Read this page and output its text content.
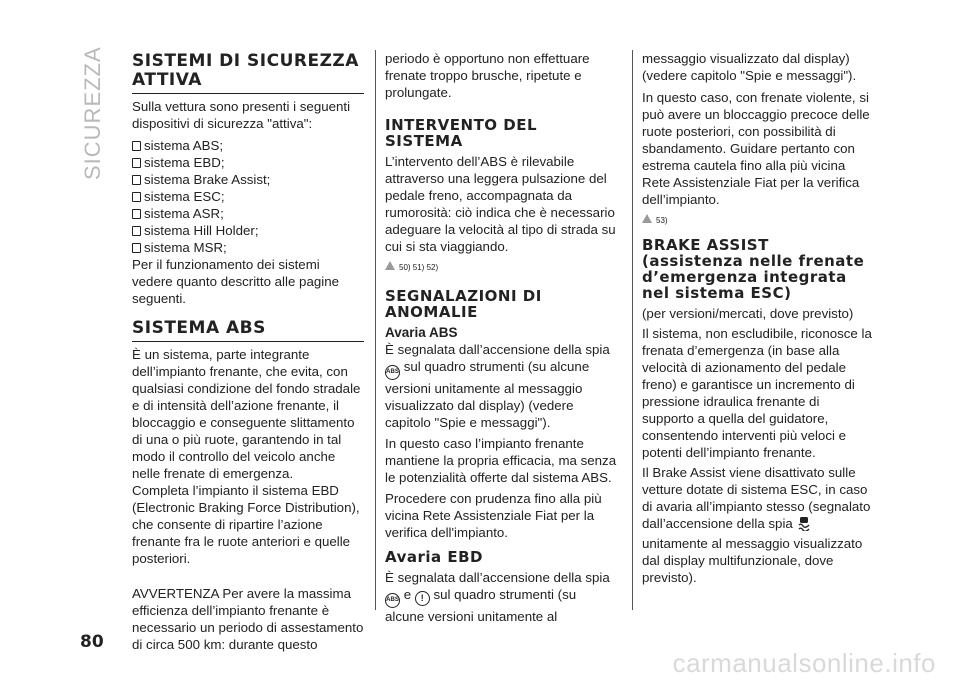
SICUREZZA SISTEMI DI SICUREZZA ATTIVA

Sulla vettura sono presenti i seguenti dispositivi di sicurezza "attiva":

sistema ABS;
sistema EBD;
sistema Brake Assist;
sistema ESC;
sistema ASR;
sistema Hill Holder;
sistema MSR;

Per il funzionamento dei sistemi vedere quanto descritto alle pagine seguenti.

SISTEMA ABS

È un sistema, parte integrante dell’impianto frenante, che evita, con qualsiasi condizione del fondo stradale e di intensità dell’azione frenante, il bloccaggio e conseguente slittamento di una o più ruote, garantendo in tal modo il controllo del veicolo anche nelle frenate di emergenza.

Completa l’impianto il sistema EBD (Electronic Braking Force Distribution), che consente di ripartire l’azione frenante fra le ruote anteriori e quelle posteriori.

AVVERTENZA Per avere la massima efficienza dell’impianto frenante è necessario un periodo di assestamento di circa 500 km: durante questo

periodo è opportuno non effettuare frenate troppo brusche, ripetute e prolungate.

INTERVENTO DEL SISTEMA

L’intervento dell’ABS è rilevabile attraverso una leggera pulsazione del pedale freno, accompagnata da rumorosità: ciò indica che è necessario adeguare la velocità al tipo di strada su cui si sta viaggiando.

50) 51) 52)
SEGNALAZIONI DI ANOMALIE
Avaria ABS

È segnalata dall’accensione della spia
ABS sul quadro strumenti (su alcune versioni unitamente al messaggio visualizzato dal display) (vedere capitolo "Spie e messaggi").

In questo caso l’impianto frenante mantiene la propria efficacia, ma senza le potenzialità offerte dal sistema ABS.

Procedere con prudenza fino alla più vicina Rete Assistenziale Fiat per la verifica dell'impianto.

Avaria EBD

È segnalata dall’accensione della spia ABS e ! sul quadro strumenti (su alcune versioni unitamente al

messaggio visualizzato dal display) (vedere capitolo "Spie e messaggi").

In questo caso, con frenate violente, si può avere un bloccaggio precoce delle ruote posteriori, con possibilità di sbandamento. Guidare pertanto con estrema cautela fino alla più vicina Rete Assistenziale Fiat per la verifica dell’impianto.

53)
BRAKE ASSIST (assistenza nelle frenate d’emergenza integrata nel sistema ESC)

(per versioni/mercati, dove previsto)

Il sistema, non escludibile, riconosce la frenata d’emergenza (in base alla velocità di azionamento del pedale freno) e garantisce un incremento di pressione idraulica frenante di supporto a quella del guidatore, consentendo interventi più veloci e potenti dell’impianto frenante.

Il Brake Assist viene disattivato sulle vetture dotate di sistema ESC, in caso di avaria all’impianto stesso (segnalato dall’accensione della spia  unitamente al messaggio visualizzato dal display multifunzionale, dove previsto).

80
carmanualsonline.info
